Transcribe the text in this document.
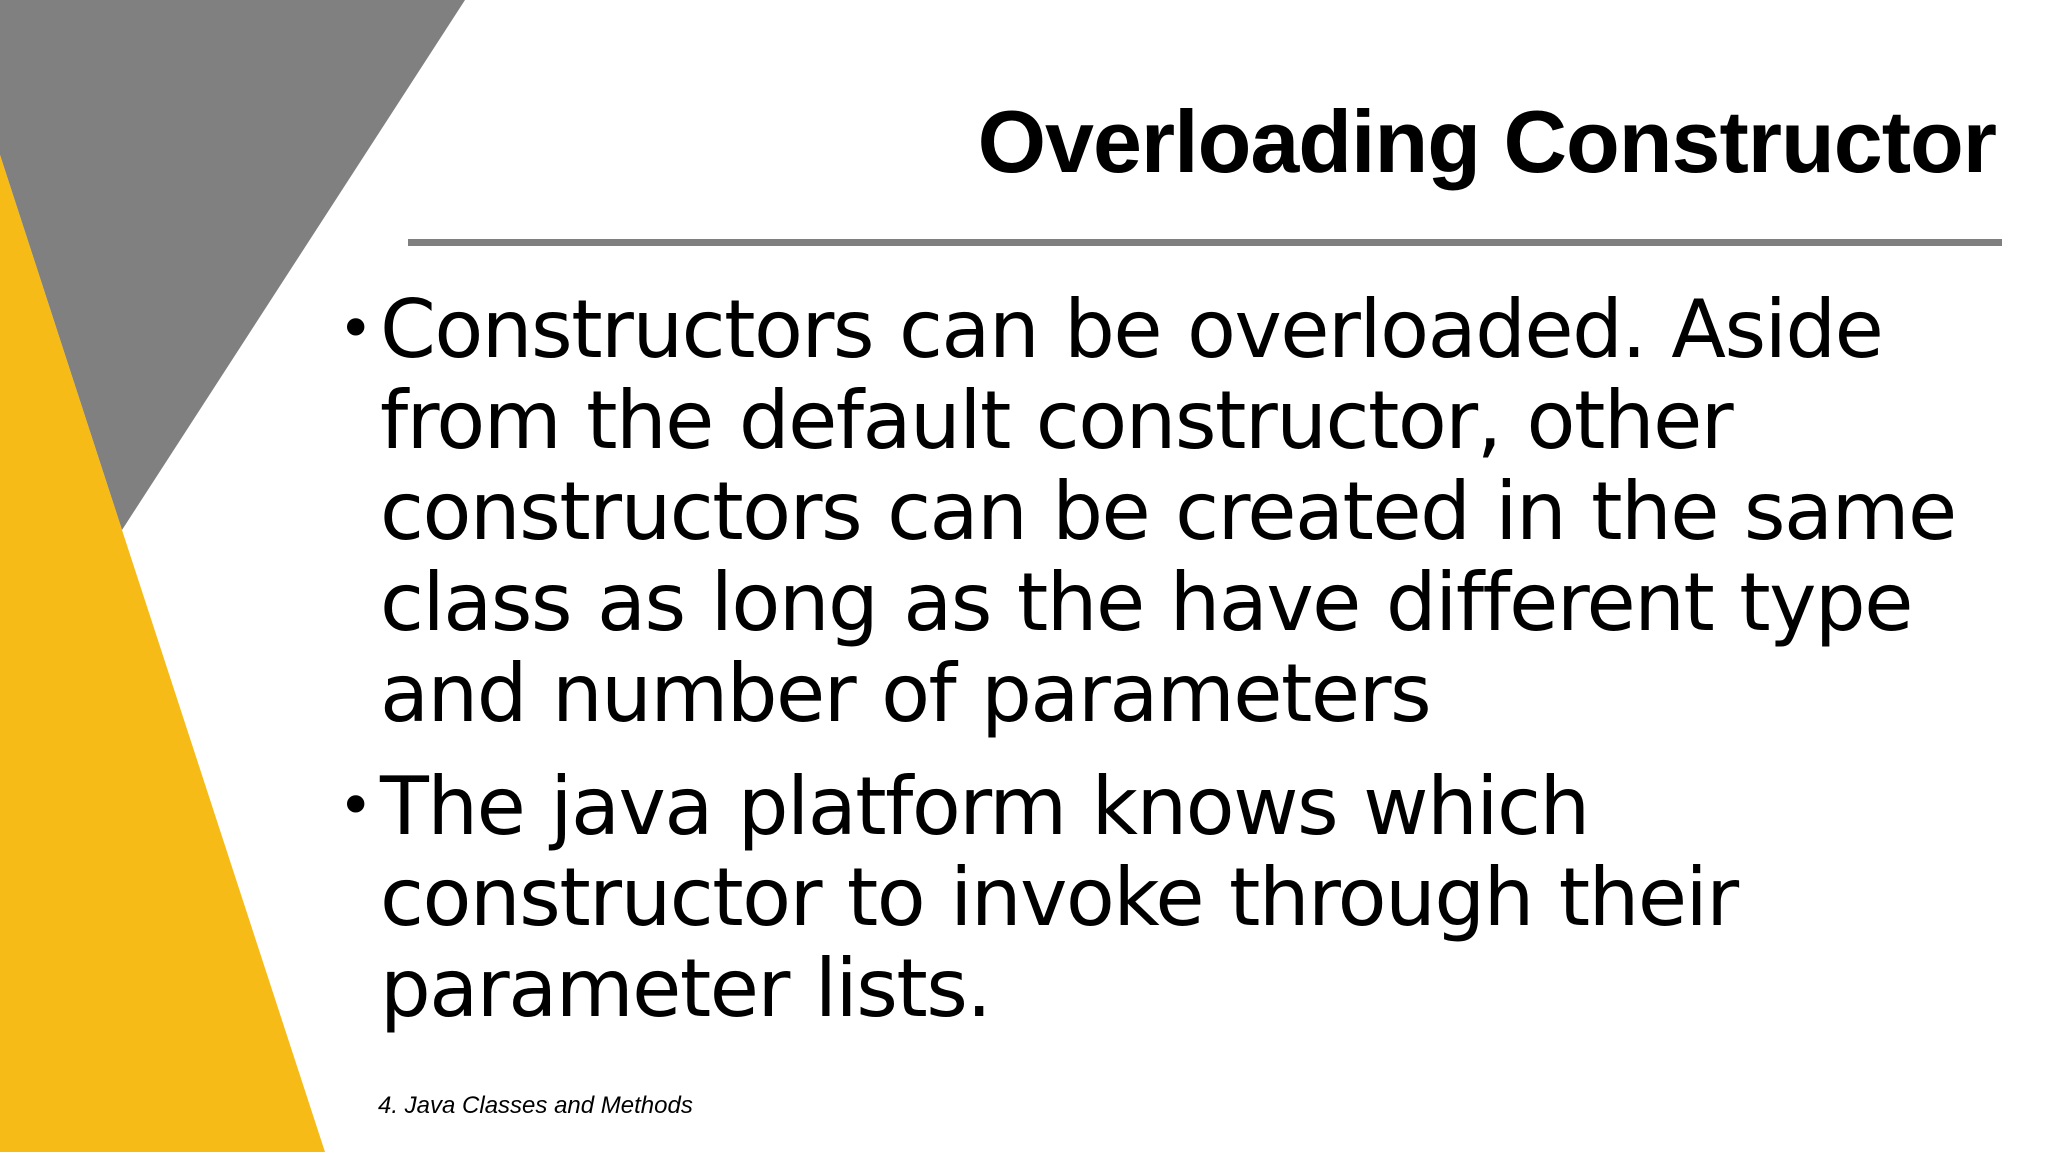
Overloading Constructor
• Constructors can be overloaded. Aside from the default constructor, other constructors can be created in the same class as long as the have different type and number of parameters
• The java platform knows which constructor to invoke through their parameter lists.

4. Java Classes and Methods
